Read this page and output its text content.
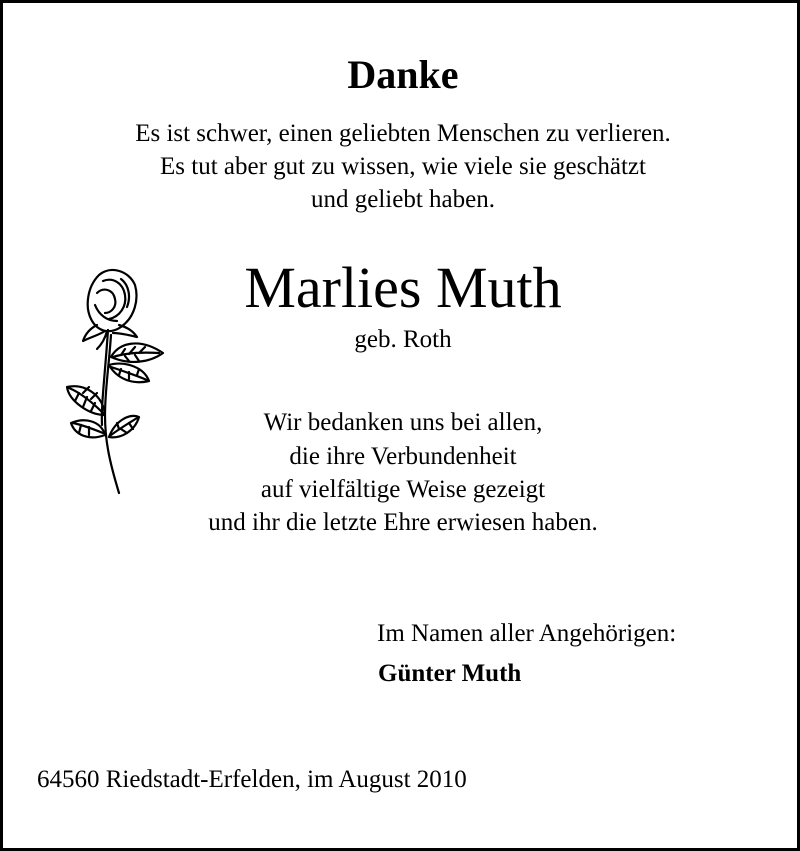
Danke
Es ist schwer, einen geliebten Menschen zu verlieren.
Es tut aber gut zu wissen, wie viele sie geschätzt
und geliebt haben.
Marlies Muth
geb. Roth
Wir bedanken uns bei allen,
die ihre Verbundenheit
auf vielfältige Weise gezeigt
und ihr die letzte Ehre erwiesen haben.
Im Namen aller Angehörigen:
Günter Muth
64560 Riedstadt-Erfelden, im August 2010
